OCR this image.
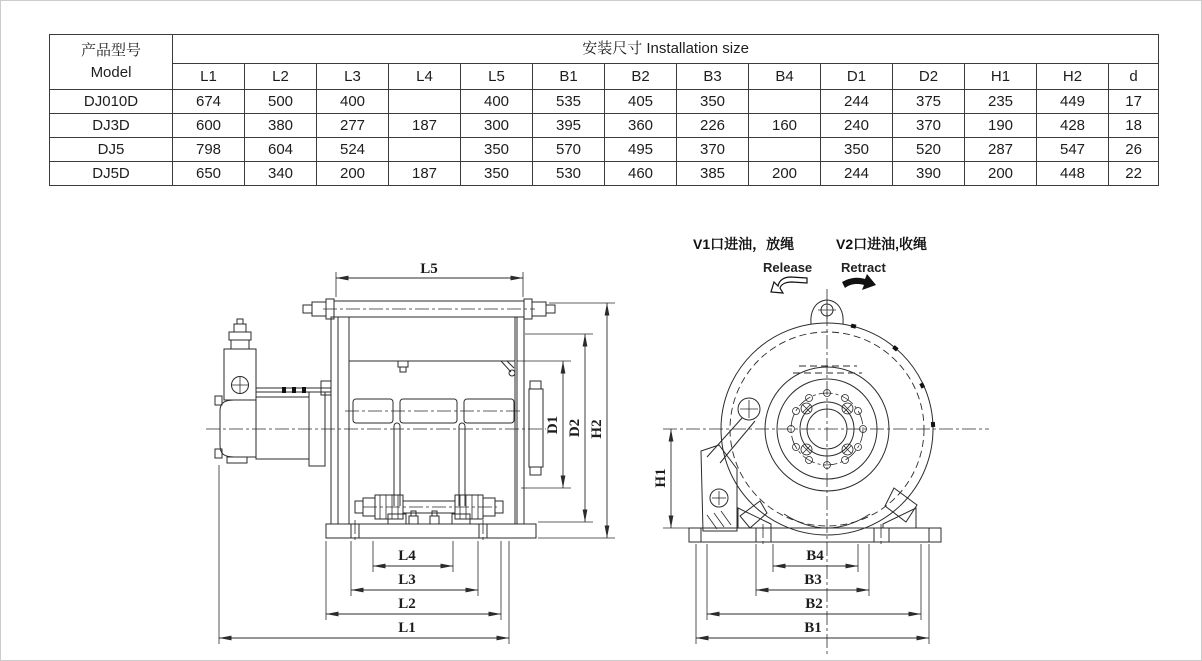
产品型号
Model	安装尺寸 Installation size													
	L1	L2	L3	L4	L5	B1	B2	B3	B4	D1	D2	H1	H2	d
DJ010D	674	500	400		400	535	405	350		244	375	235	449	17
DJ3D	600	380	277	187	300	395	360	226	160	240	370	190	428	18
DJ5	798	604	524		350	570	495	370		350	520	287	547	26
DJ5D	650	340	200	187	350	530	460	385	200	244	390	200	448	22
L5
D1 D2 H2
L4
L3
L2
L1
H1
B4
B3
B2
B1
V1口进油，放绳	V2口进油,收绳
Release Retract
